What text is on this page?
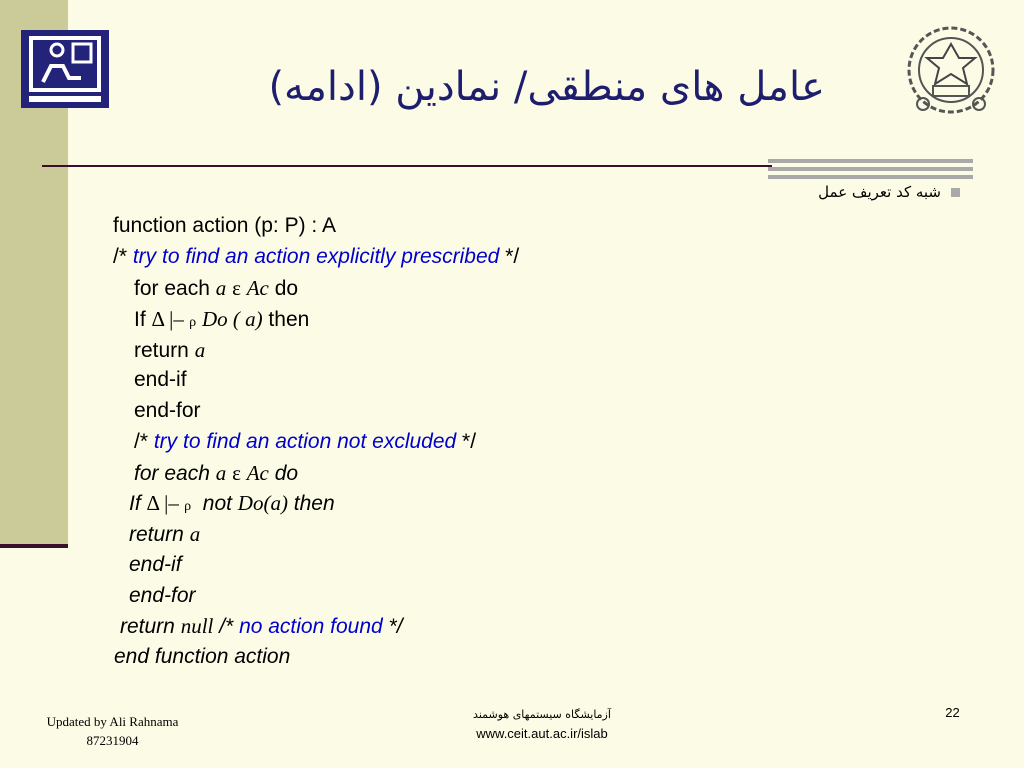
عامل های منطقی/ نمادین (ادامه)
شبه کد تعریف عمل
function action (p: P) : A
/* try to find an action explicitly prescribed */
for each a ε Ac do
If Δ |– ρ Do ( a) then
return a
end-if
end-for
/* try to find an action not excluded */
for each a ε Ac do
If Δ |– ρ not Do(a) then
return a
end-if
end-for
return null /* no action found */
end function action
Updated by Ali Rahnama
87231904
آزمایشگاه سیستمهای هوشمند
www.ceit.aut.ac.ir/islab
22
